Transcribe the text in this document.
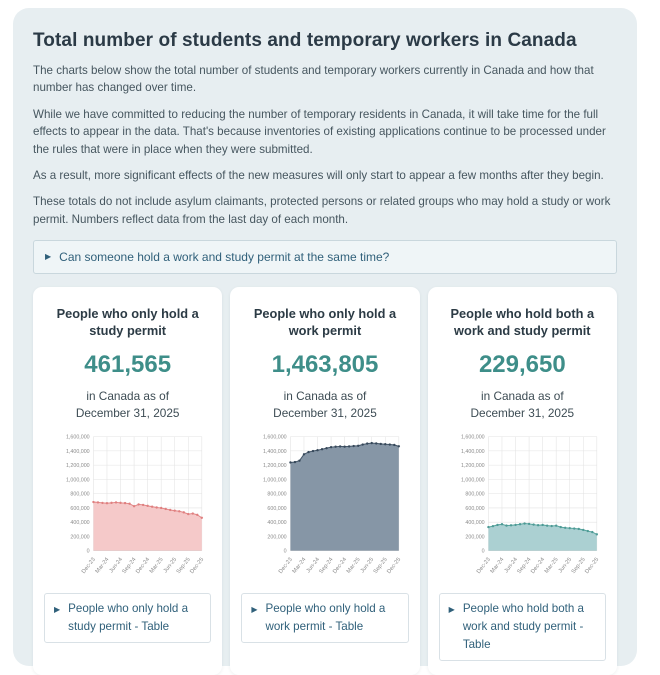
Total number of students and temporary workers in Canada

The charts below show the total number of students and temporary workers currently in Canada and how that number has changed over time.

While we have committed to reducing the number of temporary residents in Canada, it will take time for the full effects to appear in the data. That's because inventories of existing applications continue to be processed under the rules that were in place when they were submitted.

As a result, more significant effects of the new measures will only start to appear a few months after they begin.

These totals do not include asylum claimants, protected persons or related groups who may hold a study or work permit. Numbers reflect data from the last day of each month.

▶ Can someone hold a work and study permit at the same time?
People who only hold a study permit
461,565
in Canada as of December 31, 2025
0
200,000
400,000
600,000
800,000
1,000,000
1,200,000
1,400,000
1,600,000
Dec-23
Mar-24
Jun-24
Sep-24
Dec-24
Mar-25
Jun-25
Sep-25
Dec-25
▶ People who only hold a study permit - Table
People who only hold a work permit
1,463,805
in Canada as of December 31, 2025
0
200,000
400,000
600,000
800,000
1,000,000
1,200,000
1,400,000
1,600,000
Dec-23
Mar-24
Jun-24
Sep-24
Dec-24
Mar-25
Jun-25
Sep-25
Dec-25
▶ People who only hold a work permit - Table
People who hold both a work and study permit
229,650
in Canada as of December 31, 2025
0
200,000
400,000
600,000
800,000
1,000,000
1,200,000
1,400,000
1,600,000
Dec-23
Mar-24
Jun-24
Sep-24
Dec-24
Mar-25
Jun-25
Sep-25
Dec-25
▶ People who hold both a work and study permit - Table
